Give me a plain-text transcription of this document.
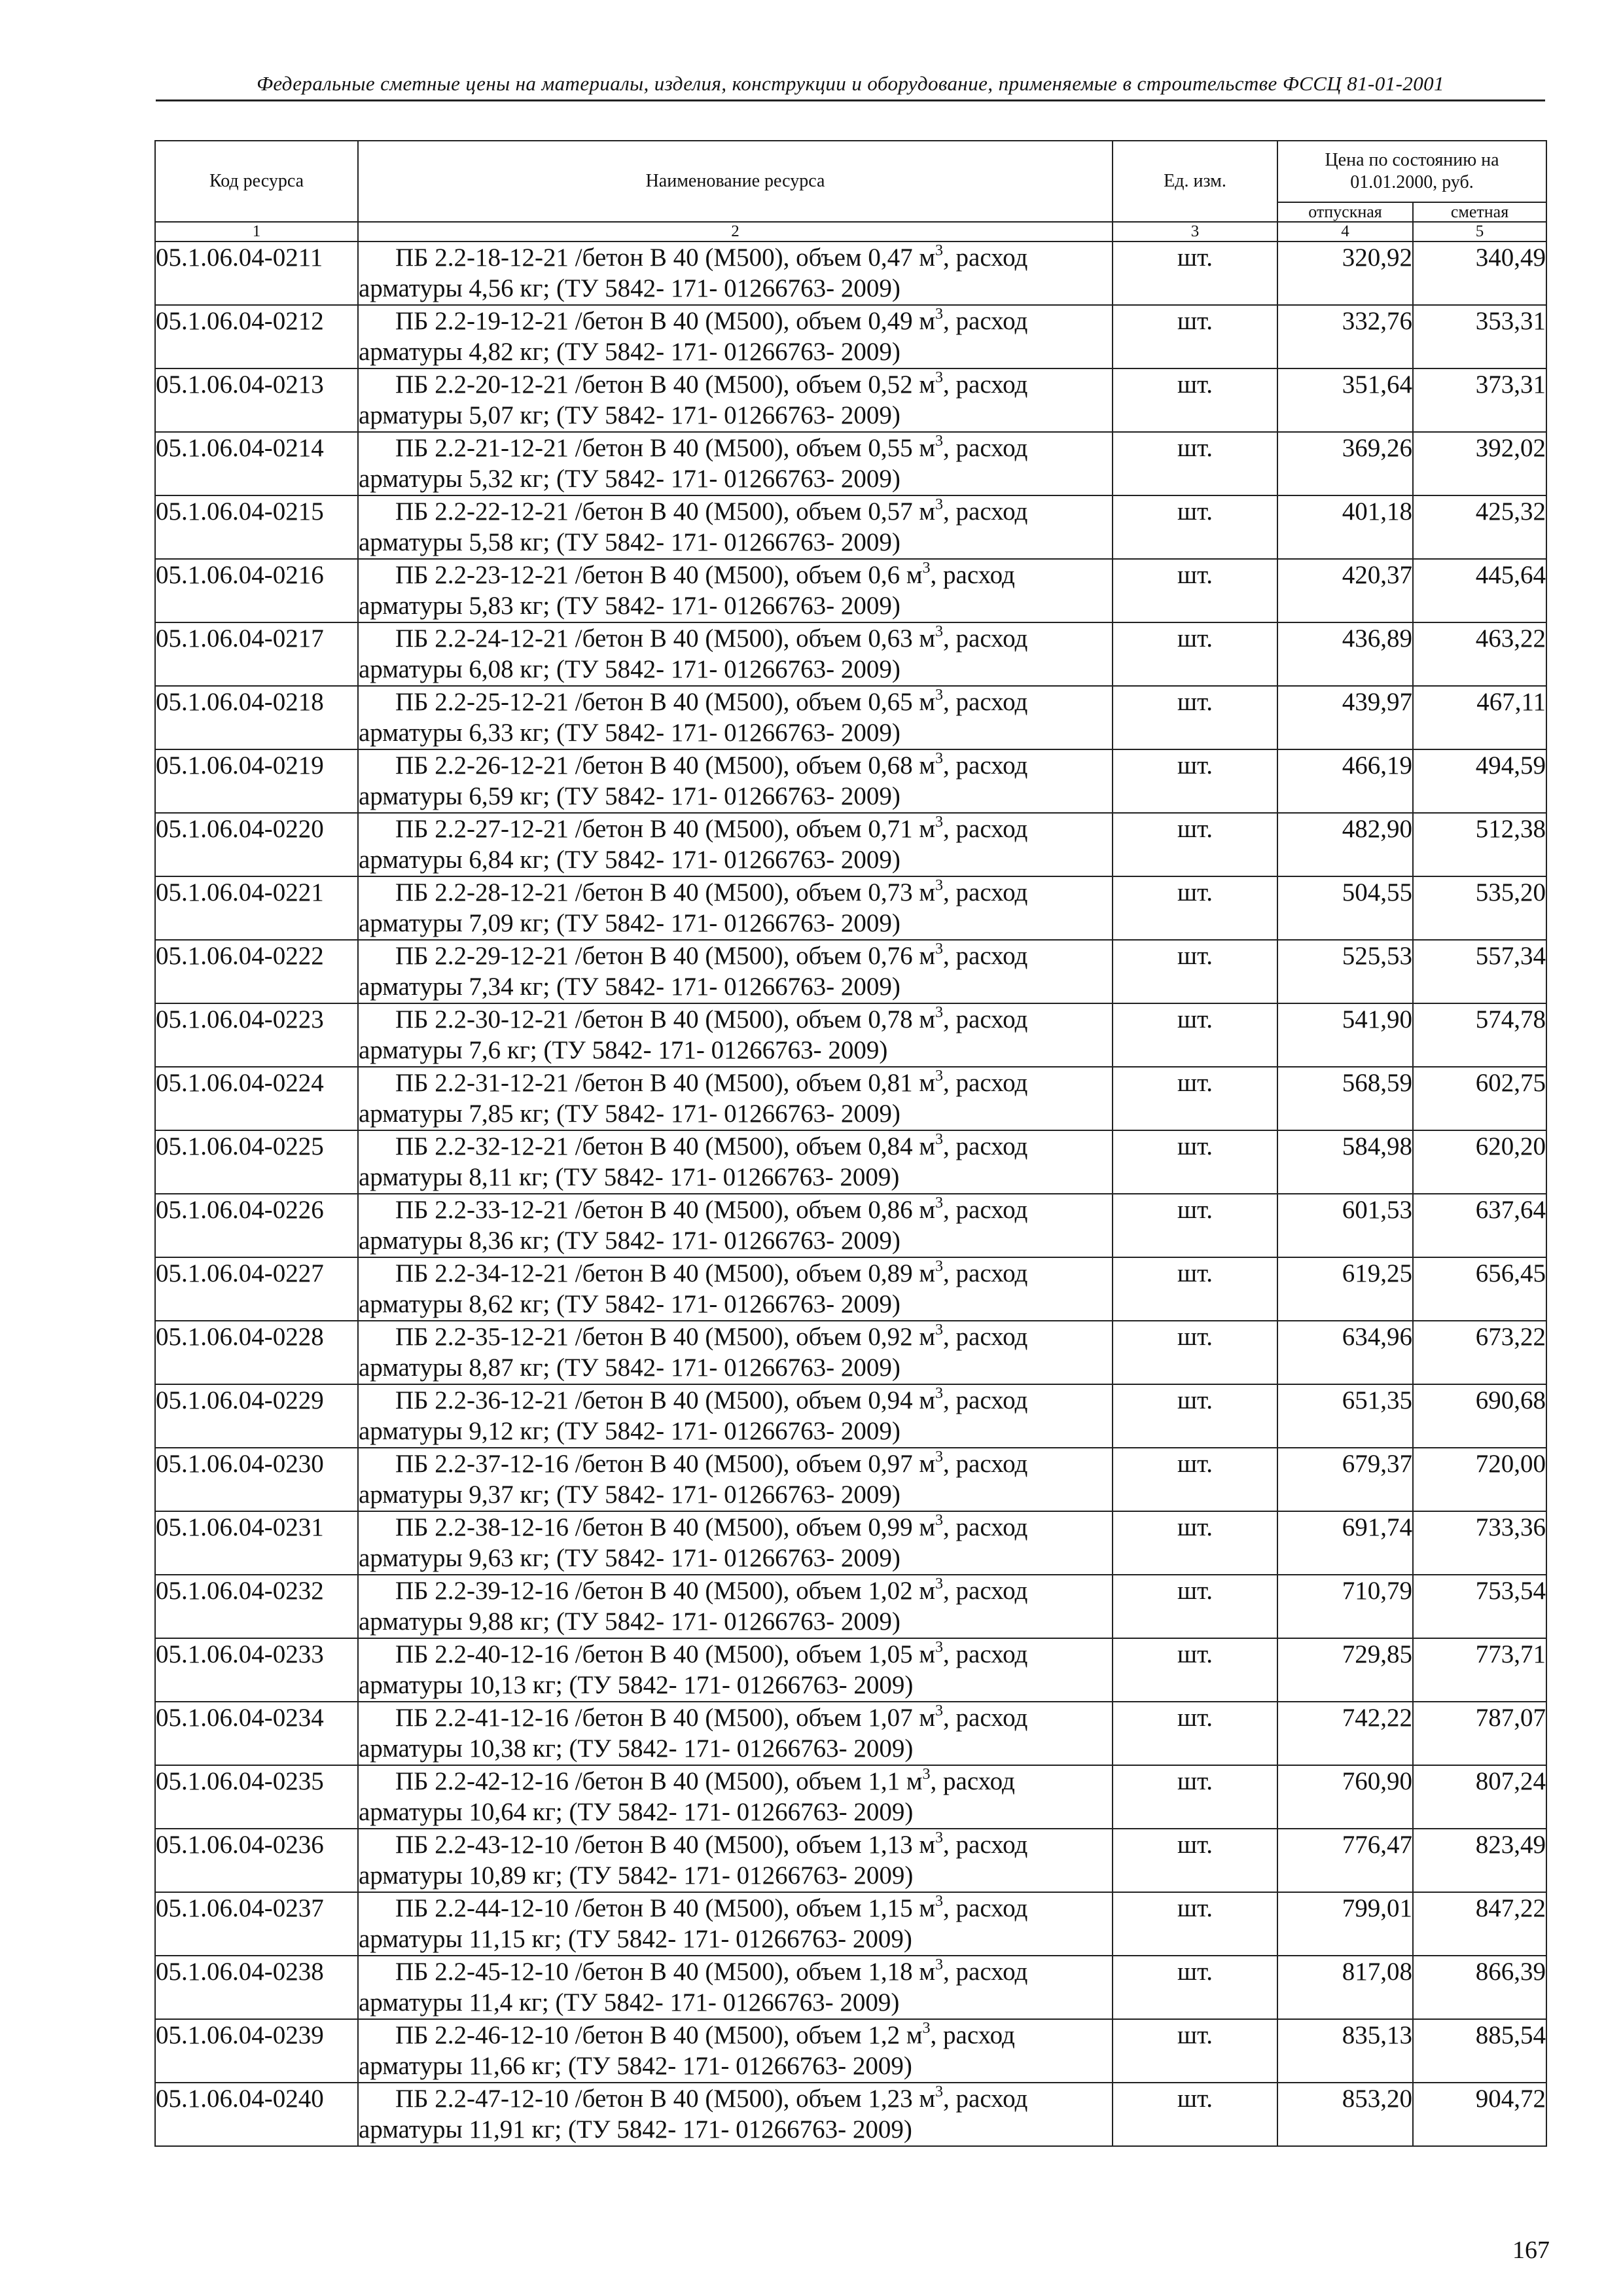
Федеральные сметные цены на материалы, изделия, конструкции и оборудование, применяемые в строительстве ФССЦ 81-01-2001
Код ресурса	Наименование ресурса	Ед. изм.	Цена по состоянию на 01.01.2000, руб.	
			отпускная	сметная
1	2	3	4	5
05.1.06.04-0211	ПБ 2.2-18-12-21 /бетон В 40 (М500), объем 0,47 $м^3$, расход
арматуры 4,56 кг; (ТУ 5842- 171- 01266763- 2009)	шт.	320,92	340,49
05.1.06.04-0212	ПБ 2.2-19-12-21 /бетон В 40 (М500), объем 0,49 $м^3$, расход
арматуры 4,82 кг; (ТУ 5842- 171- 01266763- 2009)	шт.	332,76	353,31
05.1.06.04-0213	ПБ 2.2-20-12-21 /бетон В 40 (М500), объем 0,52 $м^3$, расход
арматуры 5,07 кг; (ТУ 5842- 171- 01266763- 2009)	шт.	351,64	373,31
05.1.06.04-0214	ПБ 2.2-21-12-21 /бетон В 40 (М500), объем 0,55 $м^3$, расход
арматуры 5,32 кг; (ТУ 5842- 171- 01266763- 2009)	шт.	369,26	392,02
05.1.06.04-0215	ПБ 2.2-22-12-21 /бетон В 40 (М500), объем 0,57 $м^3$, расход
арматуры 5,58 кг; (ТУ 5842- 171- 01266763- 2009)	шт.	401,18	425,32
05.1.06.04-0216	ПБ 2.2-23-12-21 /бетон В 40 (М500), объем 0,6 $м^3$, расход
арматуры 5,83 кг; (ТУ 5842- 171- 01266763- 2009)	шт.	420,37	445,64
05.1.06.04-0217	ПБ 2.2-24-12-21 /бетон В 40 (М500), объем 0,63 $м^3$, расход
арматуры 6,08 кг; (ТУ 5842- 171- 01266763- 2009)	шт.	436,89	463,22
05.1.06.04-0218	ПБ 2.2-25-12-21 /бетон В 40 (М500), объем 0,65 $м^3$, расход
арматуры 6,33 кг; (ТУ 5842- 171- 01266763- 2009)	шт.	439,97	467,11
05.1.06.04-0219	ПБ 2.2-26-12-21 /бетон В 40 (М500), объем 0,68 $м^3$, расход
арматуры 6,59 кг; (ТУ 5842- 171- 01266763- 2009)	шт.	466,19	494,59
05.1.06.04-0220	ПБ 2.2-27-12-21 /бетон В 40 (М500), объем 0,71 $м^3$, расход
арматуры 6,84 кг; (ТУ 5842- 171- 01266763- 2009)	шт.	482,90	512,38
05.1.06.04-0221	ПБ 2.2-28-12-21 /бетон В 40 (М500), объем 0,73 $м^3$, расход
арматуры 7,09 кг; (ТУ 5842- 171- 01266763- 2009)	шт.	504,55	535,20
05.1.06.04-0222	ПБ 2.2-29-12-21 /бетон В 40 (М500), объем 0,76 $м^3$, расход
арматуры 7,34 кг; (ТУ 5842- 171- 01266763- 2009)	шт.	525,53	557,34
05.1.06.04-0223	ПБ 2.2-30-12-21 /бетон В 40 (М500), объем 0,78 $м^3$, расход
арматуры 7,6 кг; (ТУ 5842- 171- 01266763- 2009)	шт.	541,90	574,78
05.1.06.04-0224	ПБ 2.2-31-12-21 /бетон В 40 (М500), объем 0,81 $м^3$, расход
арматуры 7,85 кг; (ТУ 5842- 171- 01266763- 2009)	шт.	568,59	602,75
05.1.06.04-0225	ПБ 2.2-32-12-21 /бетон В 40 (М500), объем 0,84 $м^3$, расход
арматуры 8,11 кг; (ТУ 5842- 171- 01266763- 2009)	шт.	584,98	620,20
05.1.06.04-0226	ПБ 2.2-33-12-21 /бетон В 40 (М500), объем 0,86 $м^3$, расход
арматуры 8,36 кг; (ТУ 5842- 171- 01266763- 2009)	шт.	601,53	637,64
05.1.06.04-0227	ПБ 2.2-34-12-21 /бетон В 40 (М500), объем 0,89 $м^3$, расход
арматуры 8,62 кг; (ТУ 5842- 171- 01266763- 2009)	шт.	619,25	656,45
05.1.06.04-0228	ПБ 2.2-35-12-21 /бетон В 40 (М500), объем 0,92 $м^3$, расход
арматуры 8,87 кг; (ТУ 5842- 171- 01266763- 2009)	шт.	634,96	673,22
05.1.06.04-0229	ПБ 2.2-36-12-21 /бетон В 40 (М500), объем 0,94 $м^3$, расход
арматуры 9,12 кг; (ТУ 5842- 171- 01266763- 2009)	шт.	651,35	690,68
05.1.06.04-0230	ПБ 2.2-37-12-16 /бетон В 40 (М500), объем 0,97 $м^3$, расход
арматуры 9,37 кг; (ТУ 5842- 171- 01266763- 2009)	шт.	679,37	720,00
05.1.06.04-0231	ПБ 2.2-38-12-16 /бетон В 40 (М500), объем 0,99 $м^3$, расход
арматуры 9,63 кг; (ТУ 5842- 171- 01266763- 2009)	шт.	691,74	733,36
05.1.06.04-0232	ПБ 2.2-39-12-16 /бетон В 40 (М500), объем 1,02 $м^3$, расход
арматуры 9,88 кг; (ТУ 5842- 171- 01266763- 2009)	шт.	710,79	753,54
05.1.06.04-0233	ПБ 2.2-40-12-16 /бетон В 40 (М500), объем 1,05 $м^3$, расход
арматуры 10,13 кг; (ТУ 5842- 171- 01266763- 2009)	шт.	729,85	773,71
05.1.06.04-0234	ПБ 2.2-41-12-16 /бетон В 40 (М500), объем 1,07 $м^3$, расход
арматуры 10,38 кг; (ТУ 5842- 171- 01266763- 2009)	шт.	742,22	787,07
05.1.06.04-0235	ПБ 2.2-42-12-16 /бетон В 40 (М500), объем 1,1 $м^3$, расход
арматуры 10,64 кг; (ТУ 5842- 171- 01266763- 2009)	шт.	760,90	807,24
05.1.06.04-0236	ПБ 2.2-43-12-10 /бетон В 40 (М500), объем 1,13 $м^3$, расход
арматуры 10,89 кг; (ТУ 5842- 171- 01266763- 2009)	шт.	776,47	823,49
05.1.06.04-0237	ПБ 2.2-44-12-10 /бетон В 40 (М500), объем 1,15 $м^3$, расход
арматуры 11,15 кг; (ТУ 5842- 171- 01266763- 2009)	шт.	799,01	847,22
05.1.06.04-0238	ПБ 2.2-45-12-10 /бетон В 40 (М500), объем 1,18 $м^3$, расход
арматуры 11,4 кг; (ТУ 5842- 171- 01266763- 2009)	шт.	817,08	866,39
05.1.06.04-0239	ПБ 2.2-46-12-10 /бетон В 40 (М500), объем 1,2 $м^3$, расход
арматуры 11,66 кг; (ТУ 5842- 171- 01266763- 2009)	шт.	835,13	885,54
05.1.06.04-0240	ПБ 2.2-47-12-10 /бетон В 40 (М500), объем 1,23 $м^3$, расход
арматуры 11,91 кг; (ТУ 5842- 171- 01266763- 2009)	шт.	853,20	904,72
167
